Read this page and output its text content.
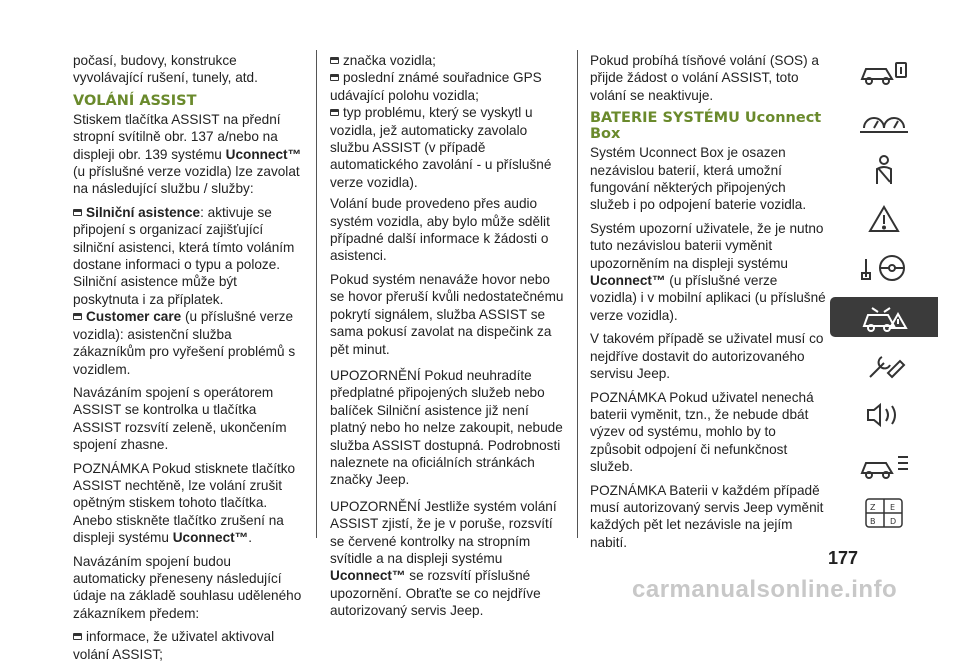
počasí, budovy, konstrukce vyvolávající rušení, tunely, atd.

VOLÁNÍ ASSIST

Stiskem tlačítka ASSIST na přední stropní svítilně obr. 137 a/nebo na displeji obr. 139 systému Uconnect™ (u příslušné verze vozidla) lze zavolat na následující službu / služby:

Silniční asistence: aktivuje se připojení s organizací zajišťující silniční asistenci, která tímto voláním dostane informaci o typu a poloze. Silniční asistence může být poskytnuta i za příplatek.
Customer care (u příslušné verze vozidla): asistenční služba zákazníkům pro vyřešení problémů s vozidlem.

Navázáním spojení s operátorem ASSIST se kontrolka u tlačítka ASSIST rozsvítí zeleně, ukončením spojení zhasne.

POZNÁMKA Pokud stisknete tlačítko ASSIST nechtěně, lze volání zrušit opětným stiskem tohoto tlačítka. Anebo stiskněte tlačítko zrušení na displeji systému Uconnect™.

Navázáním spojení budou automaticky přeneseny následující údaje na základě souhlasu uděleného zákazníkem předem:

informace, že uživatel aktivoval volání ASSIST;

značka vozidla;
poslední známé souřadnice GPS udávající polohu vozidla;
typ problému, který se vyskytl u vozidla, jež automaticky zavolalo službu ASSIST (v případě automatického zavolání - u příslušné verze vozidla).

Volání bude provedeno přes audio systém vozidla, aby bylo může sdělit případné další informace k žádosti o asistenci.

Pokud systém nenaváže hovor nebo se hovor přeruší kvůli nedostatečnému pokrytí signálem, služba ASSIST se sama pokusí zavolat na dispečink za pět minut.

UPOZORNĚNÍ Pokud neuhradíte předplatné připojených služeb nebo balíček Silniční asistence již není platný nebo ho nelze zakoupit, nebude služba ASSIST dostupná. Podrobnosti naleznete na oficiálních stránkách značky Jeep.

UPOZORNĚNÍ Jestliže systém volání ASSIST zjistí, že je v poruše, rozsvítí se červené kontrolky na stropním svítidle a na displeji systému Uconnect™ se rozsvítí příslušné upozornění. Obraťte se co nejdříve autorizovaný servis Jeep.

Pokud probíhá tísňové volání (SOS) a přijde žádost o volání ASSIST, toto volání se neaktivuje.

BATERIE SYSTÉMU Uconnect Box

Systém Uconnect Box je osazen nezávislou baterií, která umožní fungování některých připojených služeb i po odpojení baterie vozidla.

Systém upozorní uživatele, že je nutno tuto nezávislou baterii vyměnit upozorněním na displeji systému Uconnect™ (u příslušné verze vozidla) i v mobilní aplikaci (u příslušné verze vozidla).

V takovém případě se uživatel musí co nejdříve dostavit do autorizovaného servisu Jeep.

POZNÁMKA Pokud uživatel nenechá baterii vyměnit, tzn., že nebude dbát výzev od systému, mohlo by to způsobit odpojení či nefunkčnost služeb.

POZNÁMKA Baterii v každém případě musí autorizovaný servis Jeep vyměnit každých pět let nezávisle na jejím nabití.

Z E
B D
177
carmanualsonline.info
